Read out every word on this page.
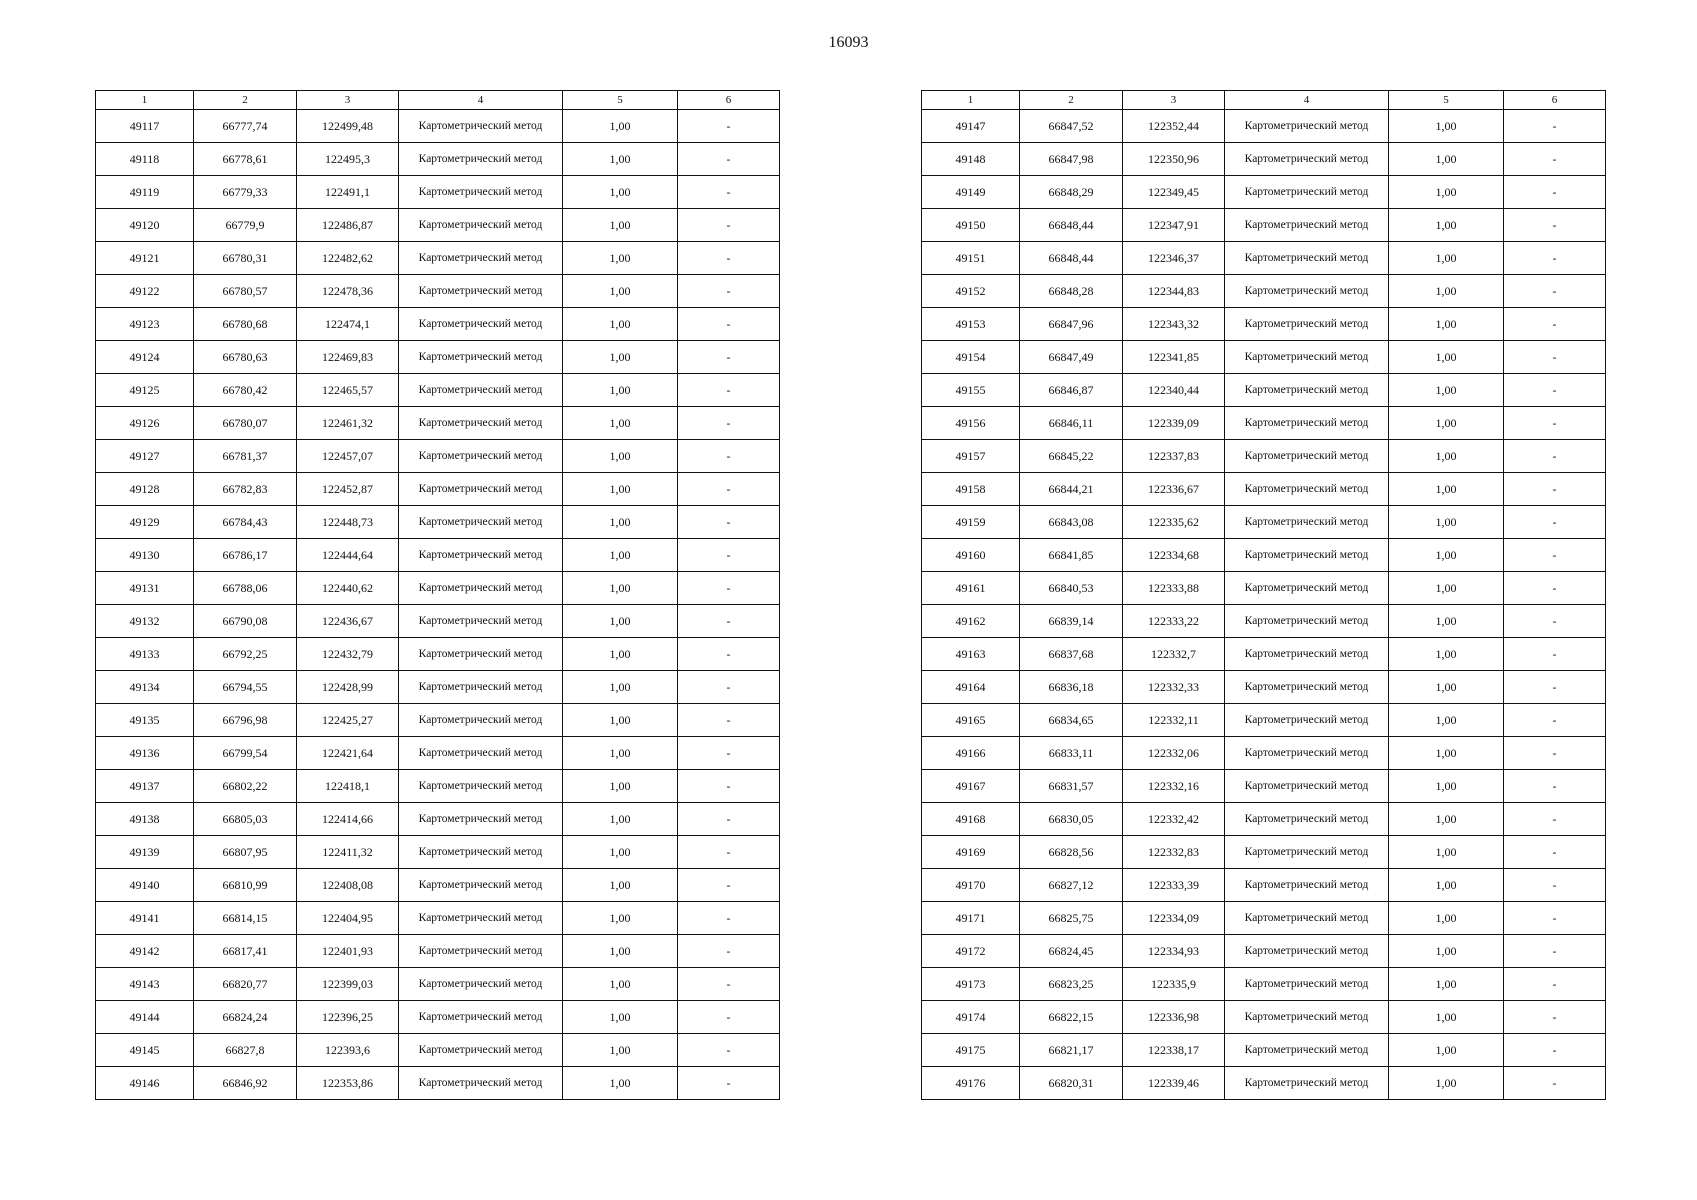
16093
1	2	3	4	5	6
49117	66777,74	122499,48	Картометрический метод	1,00	-
49118	66778,61	122495,3	Картометрический метод	1,00	-
49119	66779,33	122491,1	Картометрический метод	1,00	-
49120	66779,9	122486,87	Картометрический метод	1,00	-
49121	66780,31	122482,62	Картометрический метод	1,00	-
49122	66780,57	122478,36	Картометрический метод	1,00	-
49123	66780,68	122474,1	Картометрический метод	1,00	-
49124	66780,63	122469,83	Картометрический метод	1,00	-
49125	66780,42	122465,57	Картометрический метод	1,00	-
49126	66780,07	122461,32	Картометрический метод	1,00	-
49127	66781,37	122457,07	Картометрический метод	1,00	-
49128	66782,83	122452,87	Картометрический метод	1,00	-
49129	66784,43	122448,73	Картометрический метод	1,00	-
49130	66786,17	122444,64	Картометрический метод	1,00	-
49131	66788,06	122440,62	Картометрический метод	1,00	-
49132	66790,08	122436,67	Картометрический метод	1,00	-
49133	66792,25	122432,79	Картометрический метод	1,00	-
49134	66794,55	122428,99	Картометрический метод	1,00	-
49135	66796,98	122425,27	Картометрический метод	1,00	-
49136	66799,54	122421,64	Картометрический метод	1,00	-
49137	66802,22	122418,1	Картометрический метод	1,00	-
49138	66805,03	122414,66	Картометрический метод	1,00	-
49139	66807,95	122411,32	Картометрический метод	1,00	-
49140	66810,99	122408,08	Картометрический метод	1,00	-
49141	66814,15	122404,95	Картометрический метод	1,00	-
49142	66817,41	122401,93	Картометрический метод	1,00	-
49143	66820,77	122399,03	Картометрический метод	1,00	-
49144	66824,24	122396,25	Картометрический метод	1,00	-
49145	66827,8	122393,6	Картометрический метод	1,00	-
49146	66846,92	122353,86	Картометрический метод	1,00	-
1	2	3	4	5	6
49147	66847,52	122352,44	Картометрический метод	1,00	-
49148	66847,98	122350,96	Картометрический метод	1,00	-
49149	66848,29	122349,45	Картометрический метод	1,00	-
49150	66848,44	122347,91	Картометрический метод	1,00	-
49151	66848,44	122346,37	Картометрический метод	1,00	-
49152	66848,28	122344,83	Картометрический метод	1,00	-
49153	66847,96	122343,32	Картометрический метод	1,00	-
49154	66847,49	122341,85	Картометрический метод	1,00	-
49155	66846,87	122340,44	Картометрический метод	1,00	-
49156	66846,11	122339,09	Картометрический метод	1,00	-
49157	66845,22	122337,83	Картометрический метод	1,00	-
49158	66844,21	122336,67	Картометрический метод	1,00	-
49159	66843,08	122335,62	Картометрический метод	1,00	-
49160	66841,85	122334,68	Картометрический метод	1,00	-
49161	66840,53	122333,88	Картометрический метод	1,00	-
49162	66839,14	122333,22	Картометрический метод	1,00	-
49163	66837,68	122332,7	Картометрический метод	1,00	-
49164	66836,18	122332,33	Картометрический метод	1,00	-
49165	66834,65	122332,11	Картометрический метод	1,00	-
49166	66833,11	122332,06	Картометрический метод	1,00	-
49167	66831,57	122332,16	Картометрический метод	1,00	-
49168	66830,05	122332,42	Картометрический метод	1,00	-
49169	66828,56	122332,83	Картометрический метод	1,00	-
49170	66827,12	122333,39	Картометрический метод	1,00	-
49171	66825,75	122334,09	Картометрический метод	1,00	-
49172	66824,45	122334,93	Картометрический метод	1,00	-
49173	66823,25	122335,9	Картометрический метод	1,00	-
49174	66822,15	122336,98	Картометрический метод	1,00	-
49175	66821,17	122338,17	Картометрический метод	1,00	-
49176	66820,31	122339,46	Картометрический метод	1,00	-
